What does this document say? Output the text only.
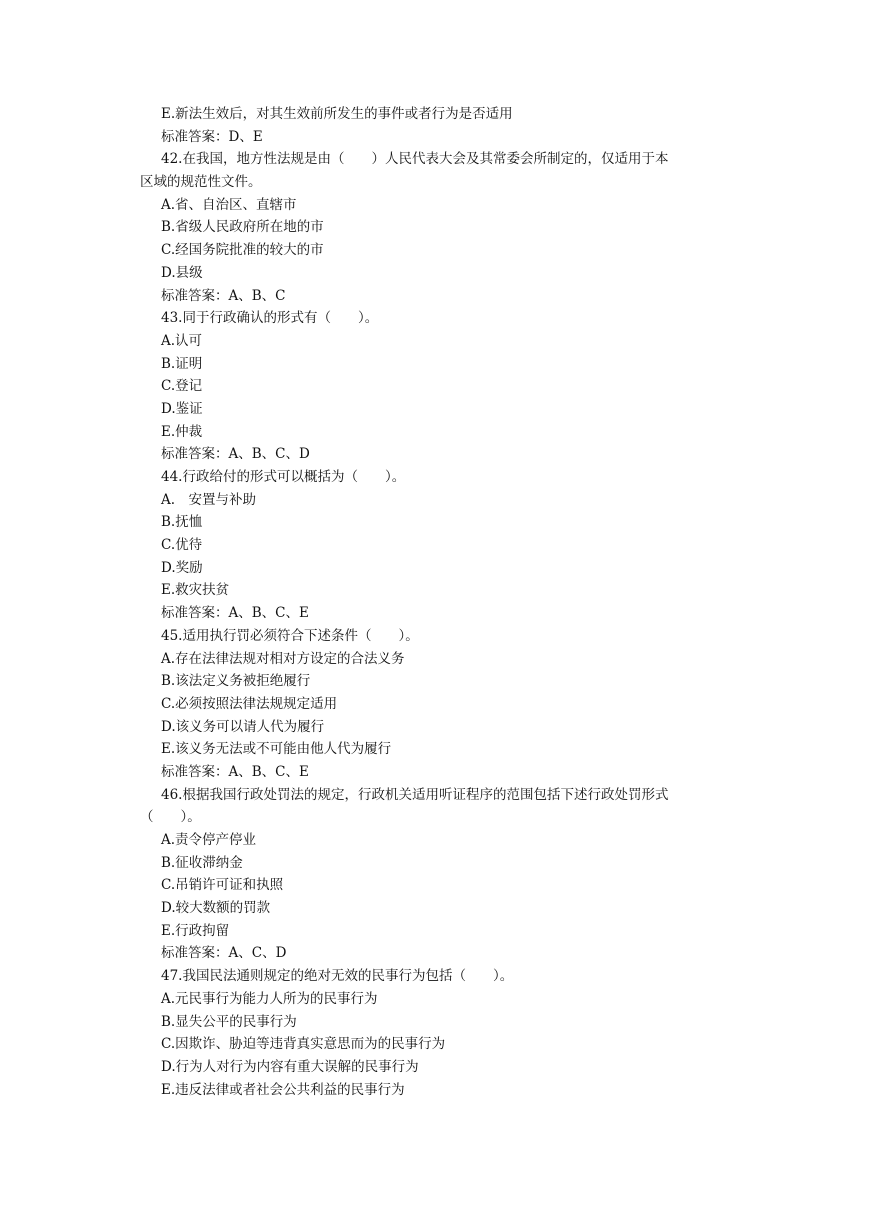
E.新法生效后，对其生效前所发生的事件或者行为是否适用
标准答案：D、E
42.在我国，地方性法规是由（　　）人民代表大会及其常委会所制定的，仅适用于本
区域的规范性文件。
A.省、自治区、直辖市
B.省级人民政府所在地的市
C.经国务院批准的较大的市
D.县级
标准答案：A、B、C
43.同于行政确认的形式有（　　）。
A.认可
B.证明
C.登记
D.鉴证
E.仲裁
标准答案：A、B、C、D
44.行政给付的形式可以概括为（　　）。
A.　安置与补助
B.抚恤
C.优待
D.奖励
E.救灾扶贫
标准答案：A、B、C、E
45.适用执行罚必须符合下述条件（　　）。
A.存在法律法规对相对方设定的合法义务
B.该法定义务被拒绝履行
C.必须按照法律法规规定适用
D.该义务可以请人代为履行
E.该义务无法或不可能由他人代为履行
标准答案：A、B、C、E
46.根据我国行政处罚法的规定，行政机关适用听证程序的范围包括下述行政处罚形式
（　　）。
A.责令停产停业
B.征收滞纳金
C.吊销许可证和执照
D.较大数额的罚款
E.行政拘留
标准答案：A、C、D
47.我国民法通则规定的绝对无效的民事行为包括（　　）。
A.元民事行为能力人所为的民事行为
B.显失公平的民事行为
C.因欺诈、胁迫等违背真实意思而为的民事行为
D.行为人对行为内容有重大误解的民事行为
E.违反法律或者社会公共利益的民事行为
